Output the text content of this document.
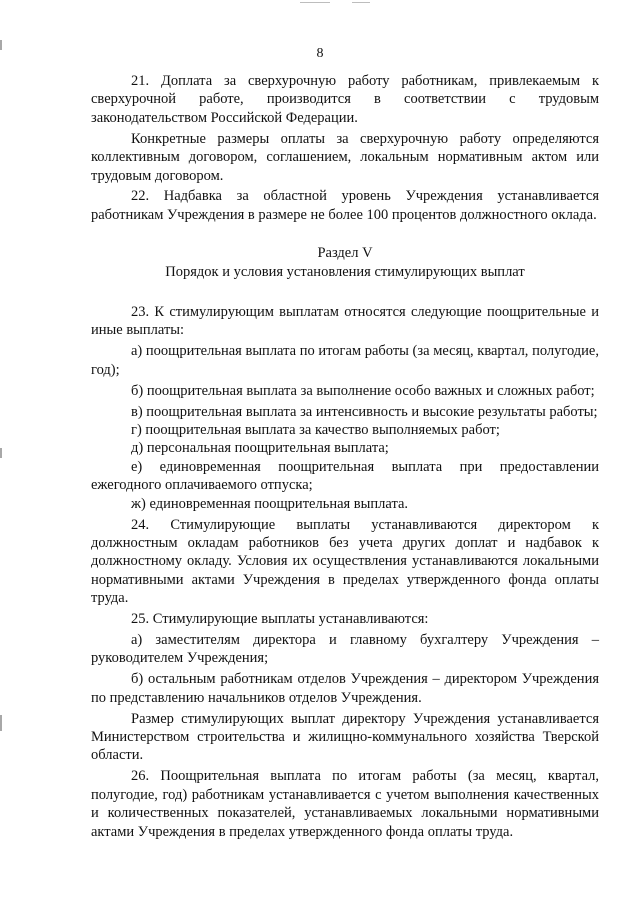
8

21. Доплата за сверхурочную работу работникам, привлекаемым к сверхурочной работе, производится в соответствии с трудовым законодательством Российской Федерации.

Конкретные размеры оплаты за сверхурочную работу определяются коллективным договором, соглашением, локальным нормативным актом или трудовым договором.

22. Надбавка за областной уровень Учреждения устанавливается работникам Учреждения в размере не более 100 процентов должностного оклада.

Раздел V
Порядок и условия установления стимулирующих выплат

23. К стимулирующим выплатам относятся следующие поощрительные и иные выплаты:

а) поощрительная выплата по итогам работы (за месяц, квартал, полугодие, год);

б) поощрительная выплата за выполнение особо важных и сложных работ;

в) поощрительная выплата за интенсивность и высокие результаты работы;

г) поощрительная выплата за качество выполняемых работ;

д) персональная поощрительная выплата;

е) единовременная поощрительная выплата при предоставлении ежегодного оплачиваемого отпуска;

ж) единовременная поощрительная выплата.

24. Стимулирующие выплаты устанавливаются директором к должностным окладам работников без учета других доплат и надбавок к должностному окладу. Условия их осуществления устанавливаются локальными нормативными актами Учреждения в пределах утвержденного фонда оплаты труда.

25. Стимулирующие выплаты устанавливаются:

а) заместителям директора и главному бухгалтеру Учреждения – руководителем Учреждения;

б) остальным работникам отделов Учреждения – директором Учреждения по представлению начальников отделов Учреждения.

Размер стимулирующих выплат директору Учреждения устанавливается Министерством строительства и жилищно-коммунального хозяйства Тверской области.

26. Поощрительная выплата по итогам работы (за месяц, квартал, полугодие, год) работникам устанавливается с учетом выполнения качественных и количественных показателей, устанавливаемых локальными нормативными актами Учреждения в пределах утвержденного фонда оплаты труда.
